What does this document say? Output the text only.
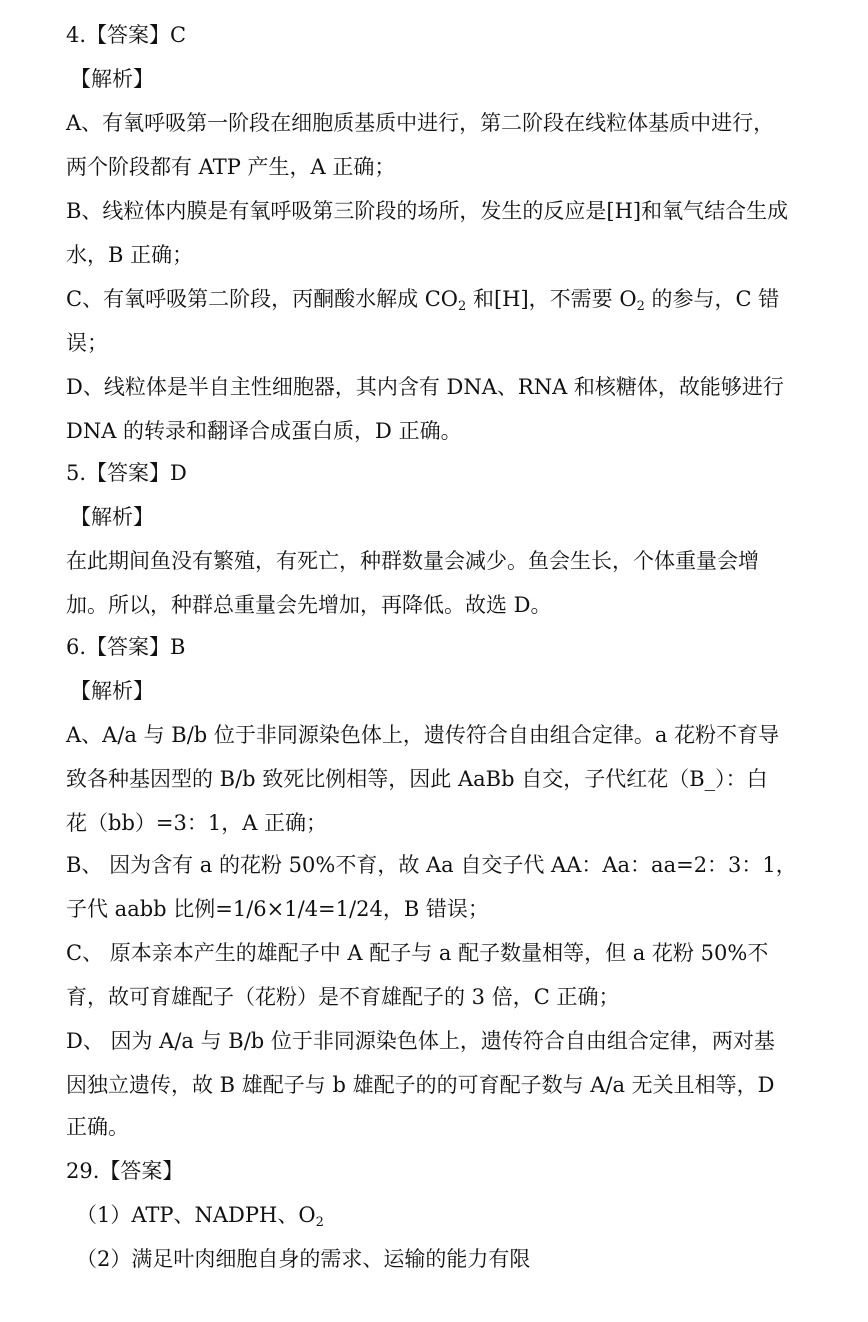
4.【答案】C
【解析】
A、有氧呼吸第一阶段在细胞质基质中进行，第二阶段在线粒体基质中进行，
两个阶段都有 ATP 产生，A 正确；
B、线粒体内膜是有氧呼吸第三阶段的场所，发生的反应是[H]和氧气结合生成
水，B 正确；
C、有氧呼吸第二阶段，丙酮酸水解成 $CO_2$ 和[H]，不需要 $O_2$ 的参与，C 错
误；
D、线粒体是半自主性细胞器，其内含有 DNA、RNA 和核糖体，故能够进行
DNA 的转录和翻译合成蛋白质，D 正确。
5.【答案】D
【解析】
在此期间鱼没有繁殖，有死亡，种群数量会减少。鱼会生长，个体重量会增
加。所以，种群总重量会先增加，再降低。故选 D。
6.【答案】B
【解析】
A、A/a 与 B/b 位于非同源染色体上，遗传符合自由组合定律。a 花粉不育导
致各种基因型的 B/b 致死比例相等，因此 AaBb 自交，子代红花（B_）：白
花（bb）=3：1，A 正确；
B、 因为含有 a 的花粉 50%不育，故 Aa 自交子代 AA：Aa：aa=2：3：1，
子代 aabb 比例=1/6×1/4=1/24，B 错误；
C、 原本亲本产生的雄配子中 A 配子与 a 配子数量相等，但 a 花粉 50%不
育，故可育雄配子（花粉）是不育雄配子的 3 倍，C 正确；
D、 因为 A/a 与 B/b 位于非同源染色体上，遗传符合自由组合定律，两对基
因独立遗传，故 B 雄配子与 b 雄配子的的可育配子数与 A/a 无关且相等，D
正确。
29.【答案】
（1）ATP、NADPH、$O_2$
（2）满足叶肉细胞自身的需求、运输的能力有限
